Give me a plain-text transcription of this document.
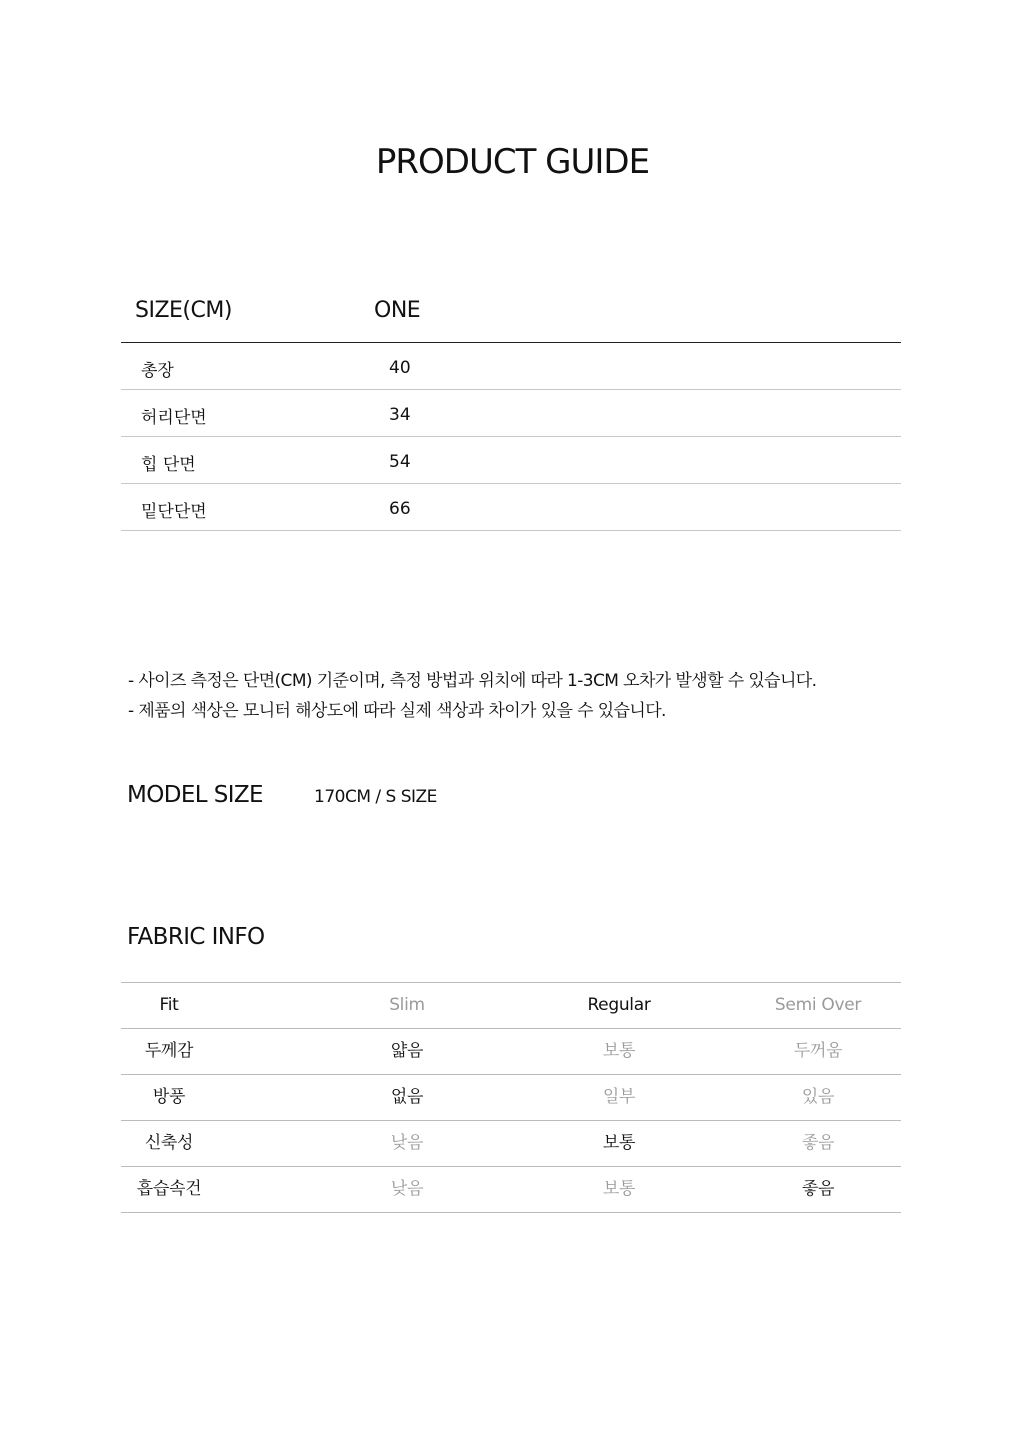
PRODUCT GUIDE
SIZE(CM)	ONE
총장	40
허리단면	34
힙 단면	54
밑단단면	66
- 사이즈 측정은 단면(CM) 기준이며, 측정 방법과 위치에 따라 1-3CM 오차가 발생할 수 있습니다.
- 제품의 색상은 모니터 해상도에 따라 실제 색상과 차이가 있을 수 있습니다.
MODEL SIZE	170CM / S SIZE
FABRIC INFO
Fit	Slim	Regular	Semi Over
두께감	얇음	보통	두꺼움
방풍	없음	일부	있음
신축성	낮음	보통	좋음
흡습속건	낮음	보통	좋음
